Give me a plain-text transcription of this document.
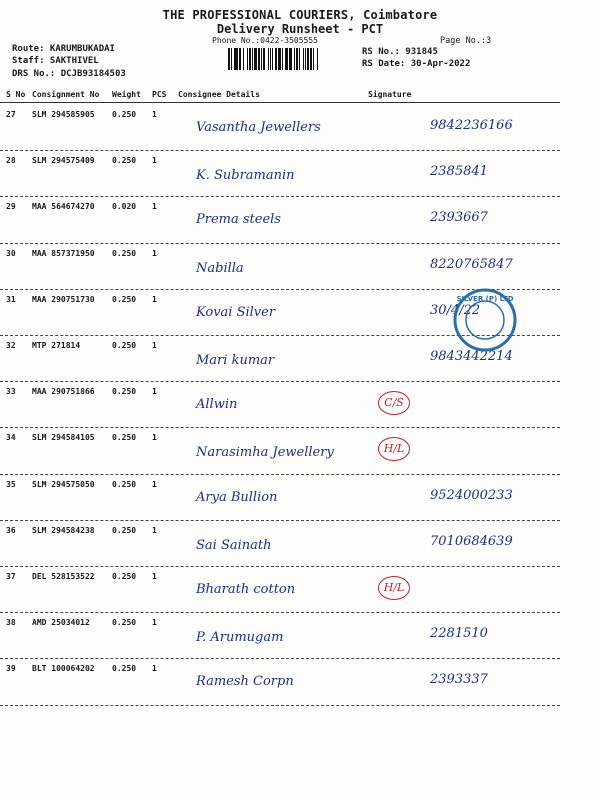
THE PROFESSIONAL COURIERS, Coimbatore
Delivery Runsheet - PCT
Phone No.:0422-3505555	Page No.:3
Route: KARUMBUKADAI
Staff: SAKTHIVEL
DRS No.: DCJB93184503
RS No.: 931845
RS Date: 30-Apr-2022
S No Consignment No Weight PCS Consignee Details	Signature
27 SLM 294585905 0.250 1
Vasantha Jewellers	9842236166
28 SLM 294575409 0.250 1
K. Subramanin	2385841
29 MAA 564674270 0.020 1
Prema steels	2393667
30 MAA 857371950 0.250 1
Nabilla	8220765847
31 MAA 290751730 0.250 1
Kovai Silver	30/4/22
32 MTP 271814	0.250 1
Mari kumar	9843442214
33 MAA 290751866 0.250 1
Allwin	C/S
34 SLM 294584105 0.250 1
Narasimha Jewellery	H/L
35 SLM 294575050 0.250 1
Arya Bullion	9524000233
36 SLM 294584238 0.250 1
Sai Sainath	7010684639
37 DEL 528153522 0.250 1
Bharath cotton	H/L
38 AMD 25034012	0.250 1
P. Arumugam	2281510
39 BLT 100064202 0.250 1
Ramesh Corpn	2393337
SILVER (P) LTD
